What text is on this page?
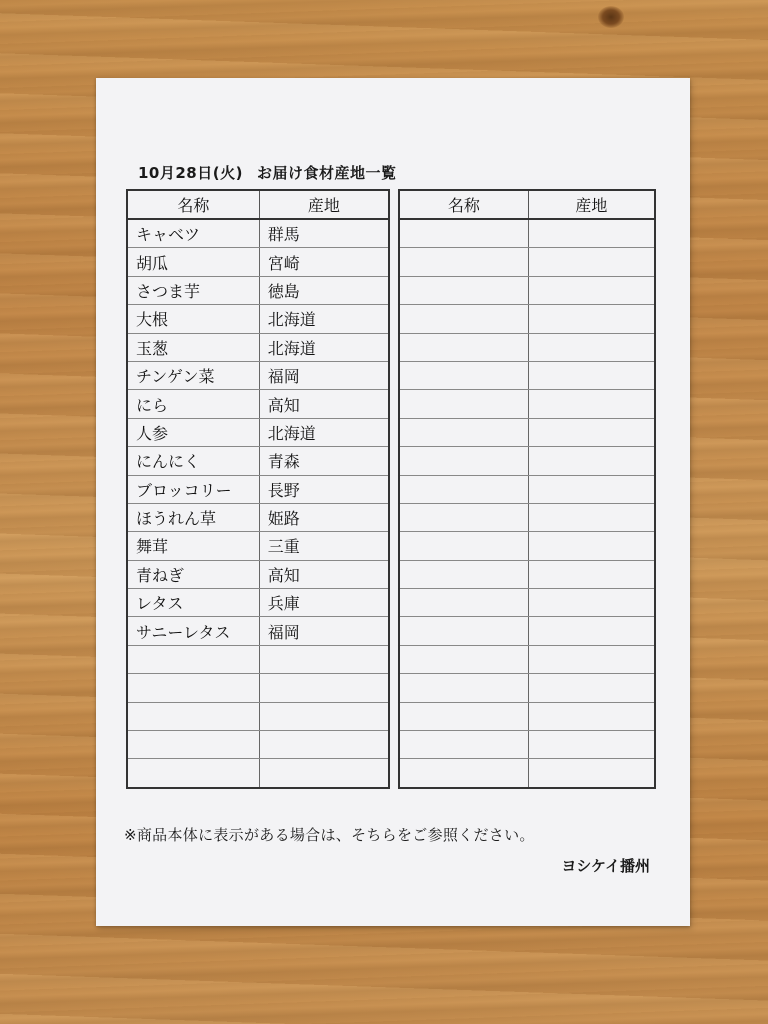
10月28日(火) お届け食材産地一覧
名称	産地
キャベツ	群馬
胡瓜	宮崎
さつま芋	徳島
大根	北海道
玉葱	北海道
チンゲン菜	福岡
にら	高知
人参	北海道
にんにく	青森
ブロッコリー	長野
ほうれん草	姫路
舞茸	三重
青ねぎ	高知
レタス	兵庫
サニーレタス	福岡

名称	産地

※商品本体に表示がある場合は、そちらをご参照ください。
ヨシケイ播州
